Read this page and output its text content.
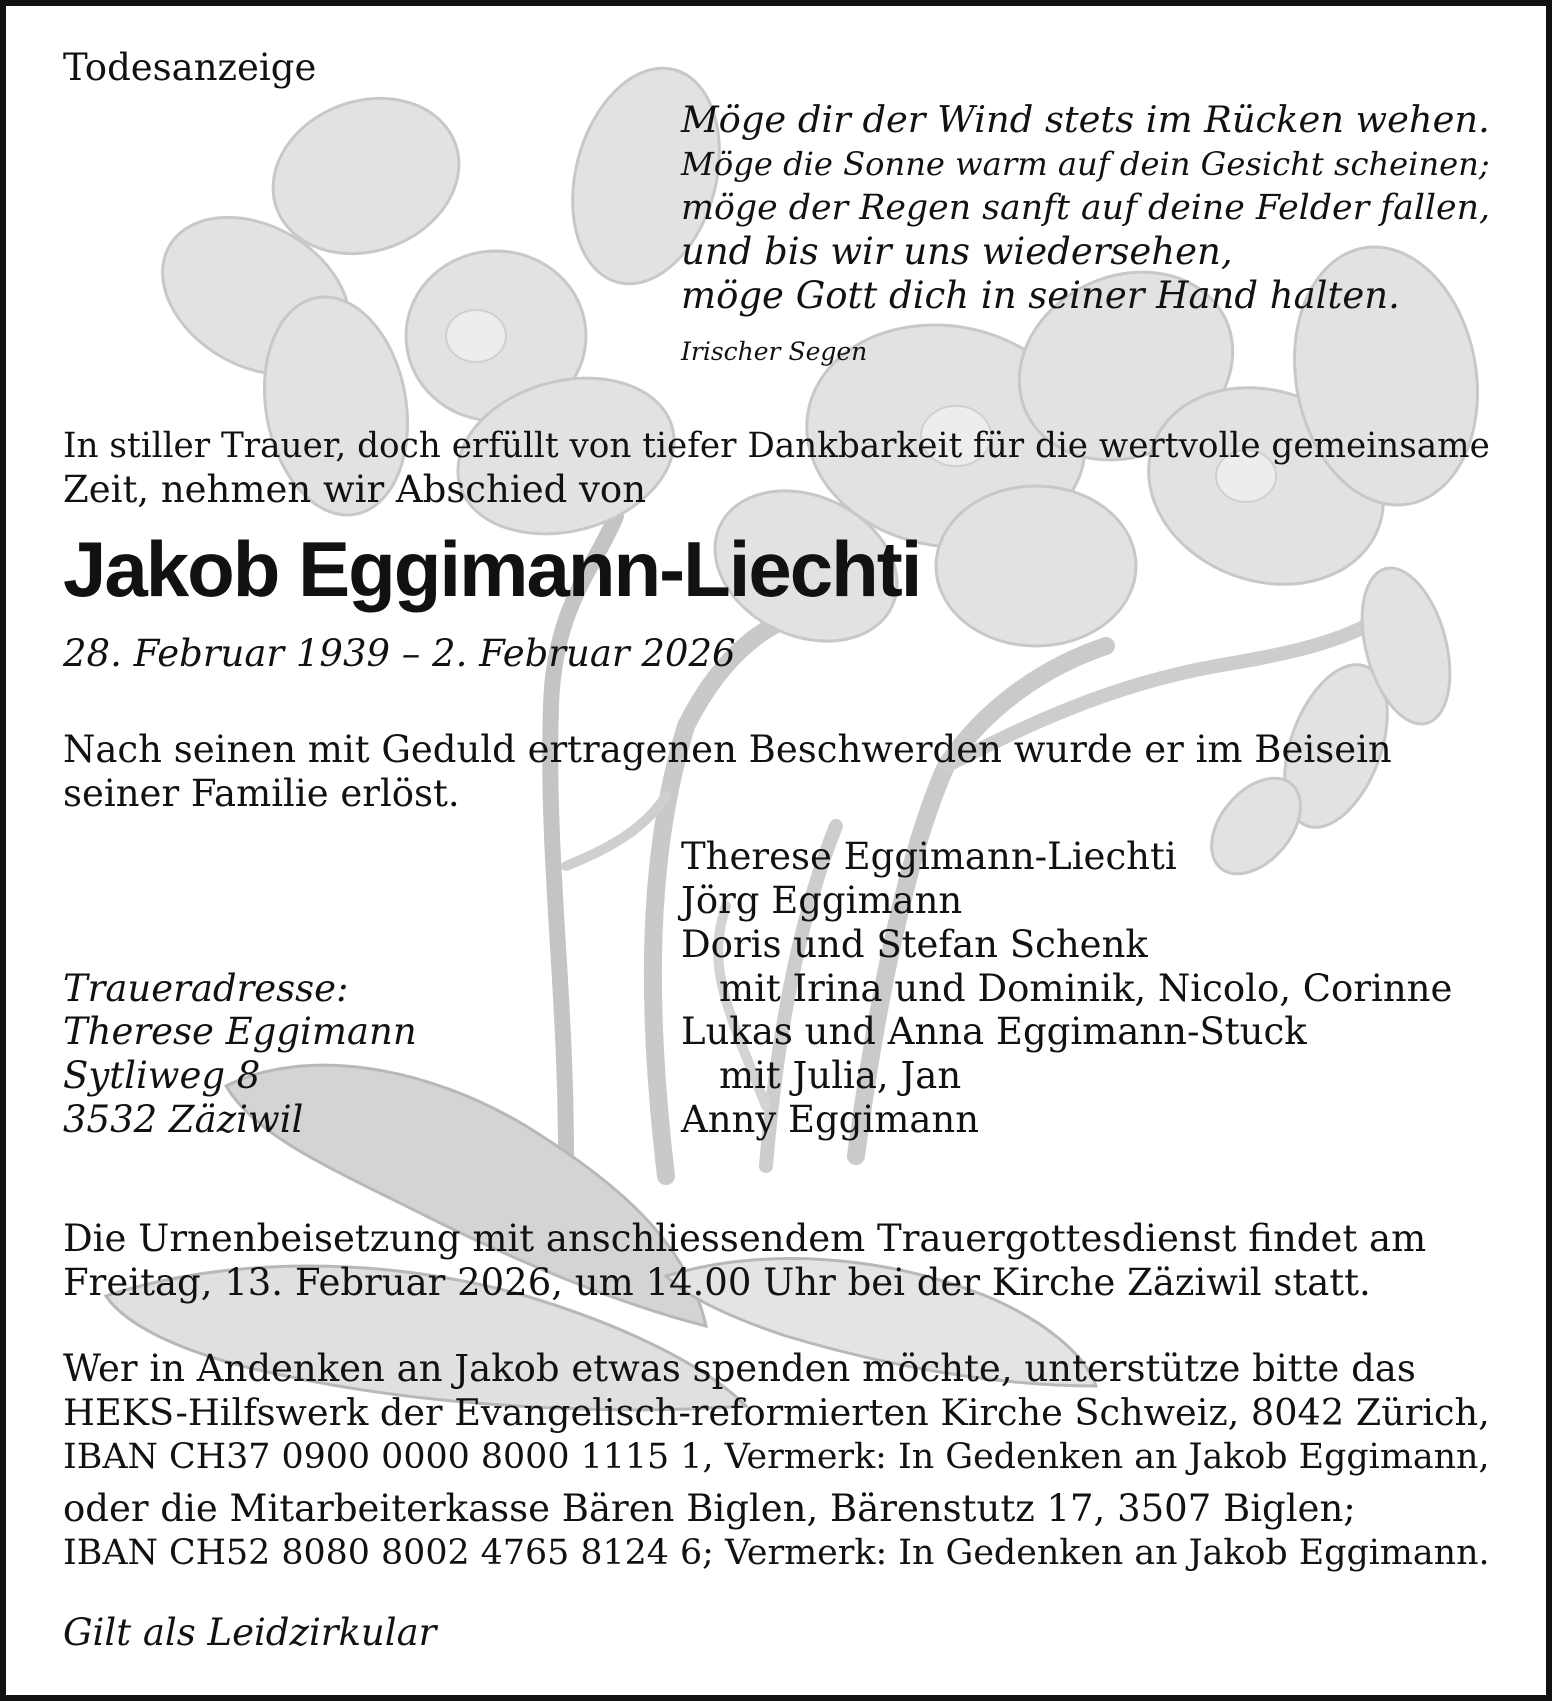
Todesanzeige
Möge dir der Wind stets im Rücken wehen.
Möge die Sonne warm auf dein Gesicht scheinen;
möge der Regen sanft auf deine Felder fallen,
und bis wir uns wiedersehen,
möge Gott dich in seiner Hand halten.
Irischer Segen
In stiller Trauer, doch erfüllt von tiefer Dankbarkeit für die wertvolle gemeinsame
Zeit, nehmen wir Abschied von
Jakob Eggimann-Liechti
28. Februar 1939 – 2. Februar 2026
Nach seinen mit Geduld ertragenen Beschwerden wurde er im Beisein
seiner Familie erlöst.
Therese Eggimann-Liechti
Jörg Eggimann
Doris und Stefan Schenk
mit Irina und Dominik, Nicolo, Corinne
Lukas und Anna Eggimann-Stuck
mit Julia, Jan
Anny Eggimann
Traueradresse:
Therese Eggimann
Sytliweg 8
3532 Zäziwil
Die Urnenbeisetzung mit anschliessendem Trauergottesdienst findet am
Freitag, 13. Februar 2026, um 14.00 Uhr bei der Kirche Zäziwil statt.
Wer in Andenken an Jakob etwas spenden möchte, unterstütze bitte das
HEKS-Hilfswerk der Evangelisch-reformierten Kirche Schweiz, 8042 Zürich,
IBAN CH37 0900 0000 8000 1115 1, Vermerk: In Gedenken an Jakob Eggimann,
oder die Mitarbeiterkasse Bären Biglen, Bärenstutz 17, 3507 Biglen;
IBAN CH52 8080 8002 4765 8124 6; Vermerk: In Gedenken an Jakob Eggimann.
Gilt als Leidzirkular
